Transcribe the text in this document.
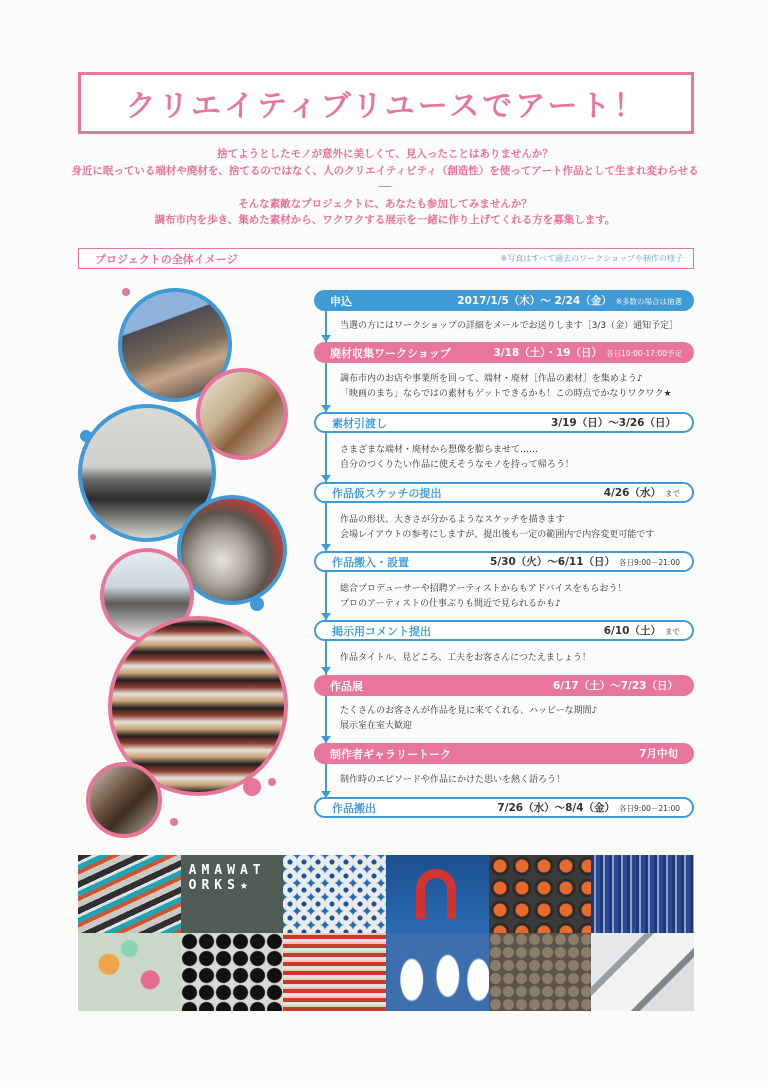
クリエイティブリユースでアート！
捨てようとしたモノが意外に美しくて、見入ったことはありませんか？
身近に眠っている端材や廃材を、捨てるのではなく、人のクリエイティビティ（創造性）を使ってアート作品として生まれ変わらせる ──
そんな素敵なプロジェクトに、あなたも参加してみませんか？
調布市内を歩き、集めた素材から、ワクワクする展示を一緒に作り上げてくれる方を募集します。
プロジェクトの全体イメージ	※写真はすべて過去のワークショップや制作の様子
申込	2017/1/5（木）～ 2/24（金） ※多数の場合は抽選
当選の方にはワークショップの詳細をメールでお送りします［3/3（金）通知予定］
廃材収集ワークショップ	3/18（土）・19（日） 各日10:00-17:00予定
調布市内のお店や事業所を回って、端材・廃材［作品の素材］を集めよう♪
「映画のまち」ならではの素材もゲットできるかも！この時点でかなりワクワク★
素材引渡し	3/19（日）～3/26（日）
さまざまな端材・廃材から想像を膨らませて……
自分のつくりたい作品に使えそうなモノを持って帰ろう！
作品仮スケッチの提出	4/26（水） まで
作品の形状、大きさが分かるようなスケッチを描きます
会場レイアウトの参考にしますが、提出後も一定の範囲内で内容変更可能です
作品搬入・設置	5/30（火）～6/11（日） 各日9:00－21:00
総合プロデューサーや招聘アーティストからもアドバイスをもらおう！
プロのアーティストの仕事ぶりも間近で見られるかも♪
掲示用コメント提出	6/10（土） まで
作品タイトル、見どころ、工夫をお客さんにつたえましょう！
作品展	6/17（土）～7/23（日）
たくさんのお客さんが作品を見に来てくれる、ハッピーな期間♪
展示室在室大歓迎
制作者ギャラリートーク	7月中旬
制作時のエピソードや作品にかけた思いを熱く語ろう！
作品搬出	7/26（水）～8/4（金） 各日9:00－21:00
AMAWATORKS★
